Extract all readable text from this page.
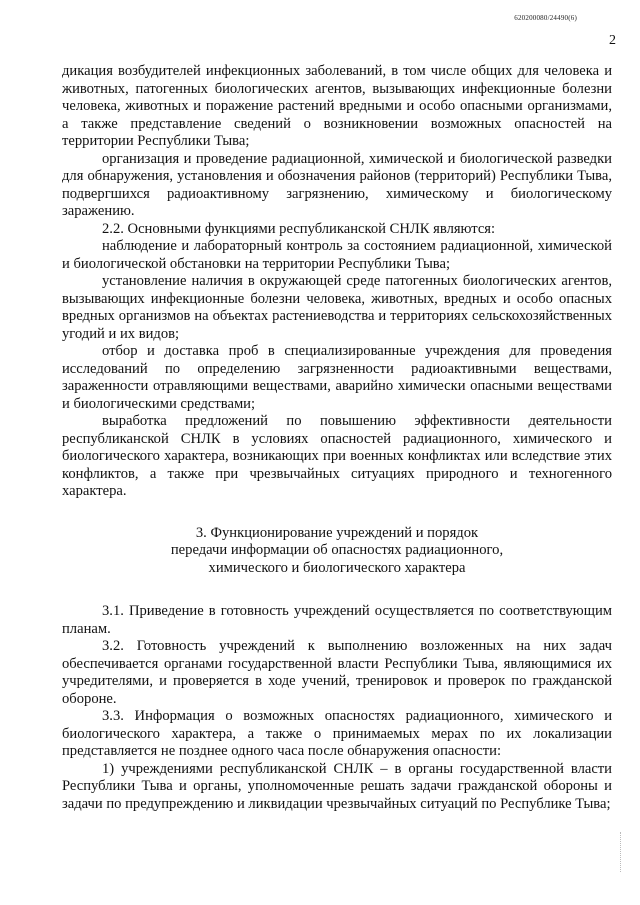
620200080/24490(6)
2

дикация возбудителей инфекционных заболеваний, в том числе общих для человека и животных, патогенных биологических агентов, вызывающих инфекционные болезни человека, животных и поражение растений вредными и особо опасными организмами, а также представление сведений о возникновении возможных опасностей на территории Республики Тыва;

организация и проведение радиационной, химической и биологической разведки для обнаружения, установления и обозначения районов (территорий) Республики Тыва, подвергшихся радиоактивному загрязнению, химическому и биологическому заражению.

2.2. Основными функциями республиканской СНЛК являются:

наблюдение и лабораторный контроль за состоянием радиационной, химической и биологической обстановки на территории Республики Тыва;

установление наличия в окружающей среде патогенных биологических агентов, вызывающих инфекционные болезни человека, животных, вредных и особо опасных вредных организмов на объектах растениеводства и территориях сельскохозяйственных угодий и их видов;

отбор и доставка проб в специализированные учреждения для проведения исследований по определению загрязненности радиоактивными веществами, зараженности отравляющими веществами, аварийно химически опасными веществами и биологическими средствами;

выработка предложений по повышению эффективности деятельности республиканской СНЛК в условиях опасностей радиационного, химического и биологического характера, возникающих при военных конфликтах или вследствие этих конфликтов, а также при чрезвычайных ситуациях природного и техногенного характера.

3. Функционирование учреждений и порядок
передачи информации об опасностях радиационного,
химического и биологического характера

3.1. Приведение в готовность учреждений осуществляется по соответствующим планам.

3.2. Готовность учреждений к выполнению возложенных на них задач обеспечивается органами государственной власти Республики Тыва, являющимися их учредителями, и проверяется в ходе учений, тренировок и проверок по гражданской обороне.

3.3. Информация о возможных опасностях радиационного, химического и биологического характера, а также о принимаемых мерах по их локализации представляется не позднее одного часа после обнаружения опасности:

1) учреждениями республиканской СНЛК – в органы государственной власти Республики Тыва и органы, уполномоченные решать задачи гражданской обороны и задачи по предупреждению и ликвидации чрезвычайных ситуаций по Республике Тыва;
